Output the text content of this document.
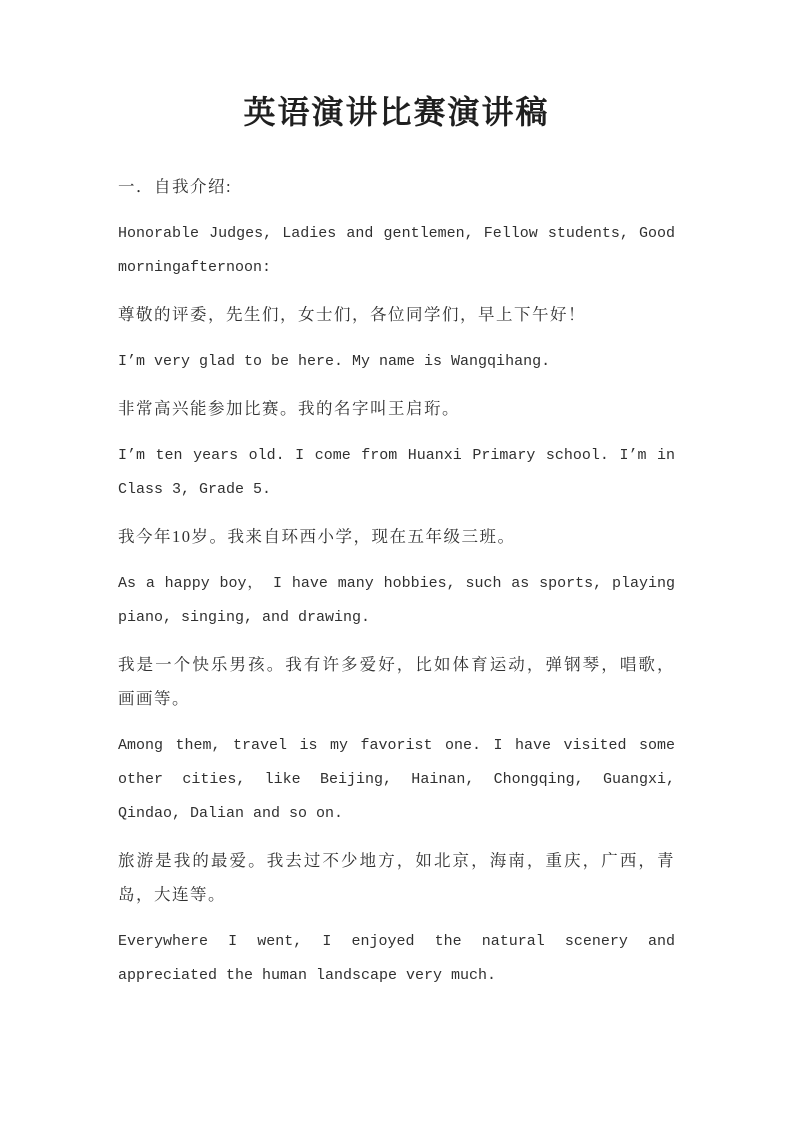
英语演讲比赛演讲稿

一．自我介绍:

Honorable Judges, Ladies and gentlemen, Fellow students, Good morningafternoon:

尊敬的评委，先生们，女士们，各位同学们，早上下午好！

I’m very glad to be here. My name is Wangqihang.

非常高兴能参加比赛。我的名字叫王启珩。

I’m ten years old. I come from Huanxi Primary school. I’m in Class 3, Grade 5.

我今年10岁。我来自环西小学，现在五年级三班。

As a happy boy， I have many hobbies, such as sports, playing piano, singing, and drawing.

我是一个快乐男孩。我有许多爱好，比如体育运动，弹钢琴，唱歌，画画等。

Among them, travel is my favorist one. I have visited some other cities, like Beijing, Hainan, Chongqing, Guangxi, Qindao, Dalian and so on.

旅游是我的最爱。我去过不少地方，如北京，海南，重庆，广西，青岛，大连等。

Everywhere I went, I enjoyed the natural scenery and appreciated the human landscape very much.
